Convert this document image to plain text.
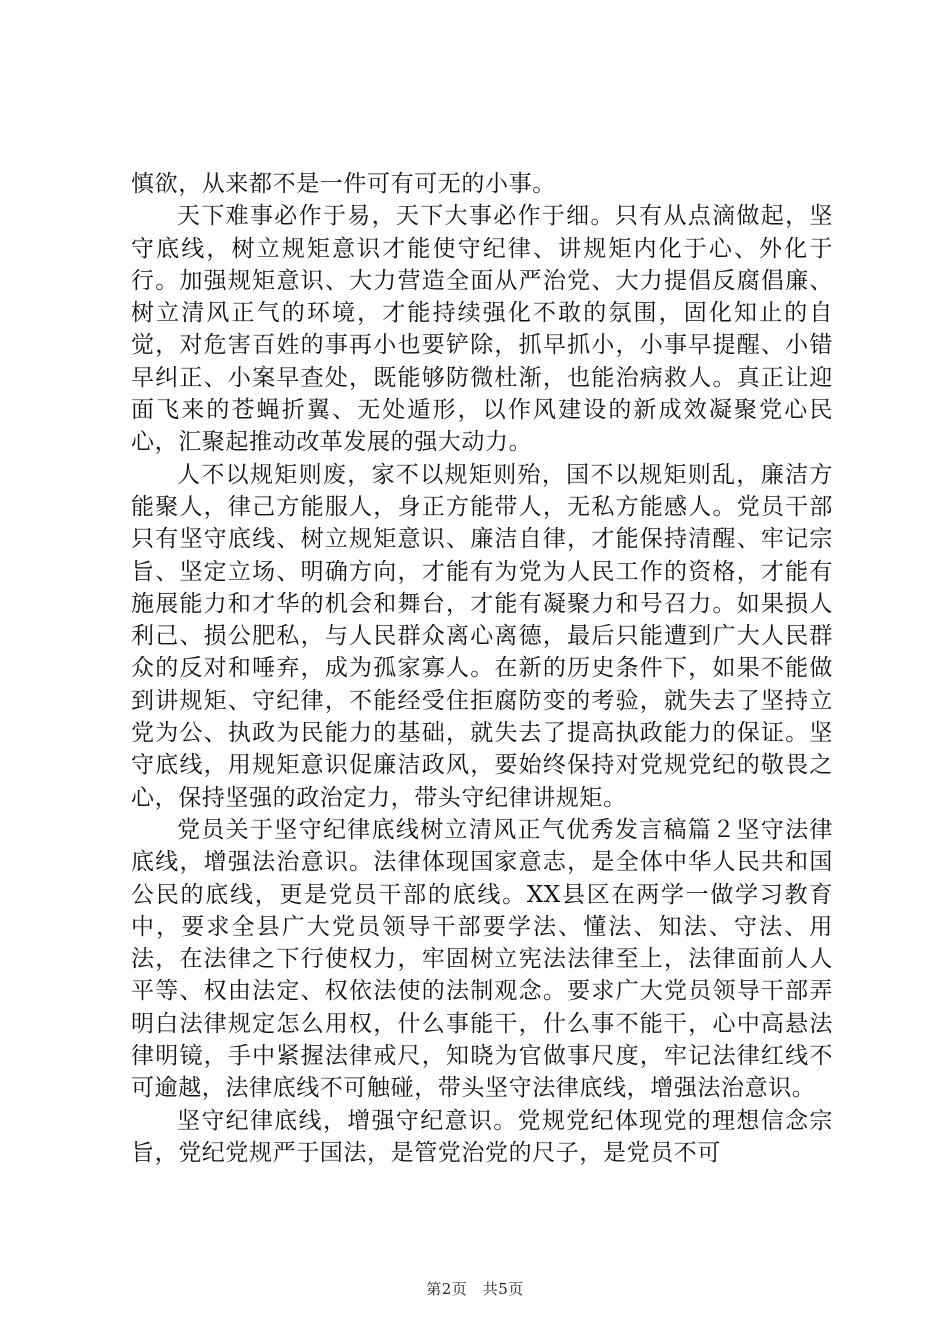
慎欲，从来都不是一件可有可无的小事。

天下难事必作于易，天下大事必作于细。只有从点滴做起，坚守底线，树立规矩意识才能使守纪律、讲规矩内化于心、外化于行。加强规矩意识、大力营造全面从严治党、大力提倡反腐倡廉、树立清风正气的环境，才能持续强化不敢的氛围，固化知止的自觉，对危害百姓的事再小也要铲除，抓早抓小，小事早提醒、小错早纠正、小案早查处，既能够防微杜渐，也能治病救人。真正让迎面飞来的苍蝇折翼、无处遁形，以作风建设的新成效凝聚党心民心，汇聚起推动改革发展的强大动力。

人不以规矩则废，家不以规矩则殆，国不以规矩则乱，廉洁方能聚人，律己方能服人，身正方能带人，无私方能感人。党员干部只有坚守底线、树立规矩意识、廉洁自律，才能保持清醒、牢记宗旨、坚定立场、明确方向，才能有为党为人民工作的资格，才能有施展能力和才华的机会和舞台，才能有凝聚力和号召力。如果损人利己、损公肥私，与人民群众离心离德，最后只能遭到广大人民群众的反对和唾弃，成为孤家寡人。在新的历史条件下，如果不能做到讲规矩、守纪律，不能经受住拒腐防变的考验，就失去了坚持立党为公、执政为民能力的基础，就失去了提高执政能力的保证。坚守底线，用规矩意识促廉洁政风，要始终保持对党规党纪的敬畏之心，保持坚强的政治定力，带头守纪律讲规矩。

党员关于坚守纪律底线树立清风正气优秀发言稿篇２坚守法律底线，增强法治意识。法律体现国家意志，是全体中华人民共和国公民的底线，更是党员干部的底线。XX县区在两学一做学习教育中，要求全县广大党员领导干部要学法、懂法、知法、守法、用法，在法律之下行使权力，牢固树立宪法法律至上，法律面前人人平等、权由法定、权依法使的法制观念。要求广大党员领导干部弄明白法律规定怎么用权，什么事能干，什么事不能干，心中高悬法律明镜，手中紧握法律戒尺，知晓为官做事尺度，牢记法律红线不可逾越，法律底线不可触碰，带头坚守法律底线，增强法治意识。

坚守纪律底线，增强守纪意识。党规党纪体现党的理想信念宗旨，党纪党规严于国法，是管党治党的尺子，是党员不可

第2页　共5页
